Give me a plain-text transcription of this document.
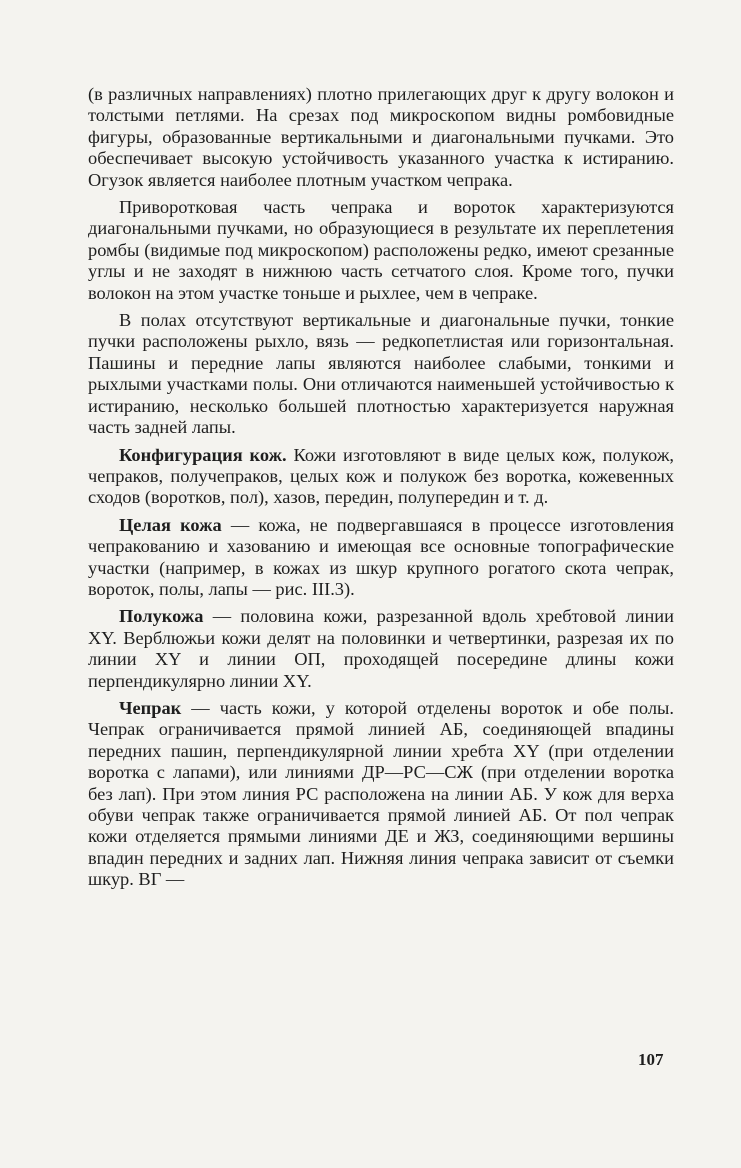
(в различных направлениях) плотно прилегающих друг к другу волокон и толстыми петлями. На срезах под микроскопом видны ромбовидные фигуры, образованные вертикальными и диагональными пучками. Это обеспечивает высокую устойчивость указанного участка к истиранию. Огузок является наиболее плотным участком чепрака.

Приворотковая часть чепрака и вороток характеризуются диагональными пучками, но образующиеся в результате их переплетения ромбы (видимые под микроскопом) расположены редко, имеют срезанные углы и не заходят в нижнюю часть сетчатого слоя. Кроме того, пучки волокон на этом участке тоньше и рыхлее, чем в чепраке.

В полах отсутствуют вертикальные и диагональные пучки, тонкие пучки расположены рыхло, вязь — редкопетлистая или горизонтальная. Пашины и передние лапы являются наиболее слабыми, тонкими и рыхлыми участками полы. Они отличаются наименьшей устойчивостью к истиранию, несколько большей плотностью характеризуется наружная часть задней лапы.

Конфигурация кож. Кожи изготовляют в виде целых кож, полукож, чепраков, получепраков, целых кож и полукож без воротка, кожевенных сходов (воротков, пол), хазов, передин, полупередин и т. д.

Целая кожа — кожа, не подвергавшаяся в процессе изготовления чепракованию и хазованию и имеющая все основные топографические участки (например, в кожах из шкур крупного рогатого скота чепрак, вороток, полы, лапы — рис. III.3).

Полукожа — половина кожи, разрезанной вдоль хребтовой линии XY. Верблюжьи кожи делят на половинки и четвертинки, разрезая их по линии XY и линии ОП, проходящей посередине длины кожи перпендикулярно линии XY.

Чепрак — часть кожи, у которой отделены вороток и обе полы. Чепрак ограничивается прямой линией АБ, соединяющей впадины передних пашин, перпендикулярной линии хребта XY (при отделении воротка с лапами), или линиями ДР—РС—СЖ (при отделении воротка без лап). При этом линия РС расположена на линии АБ. У кож для верха обуви чепрак также ограничивается прямой линией АБ. От пол чепрак кожи отделяется прямыми линиями ДЕ и ЖЗ, соединяющими вершины впадин передних и задних лап. Нижняя линия чепрака зависит от съемки шкур. ВГ —

107
